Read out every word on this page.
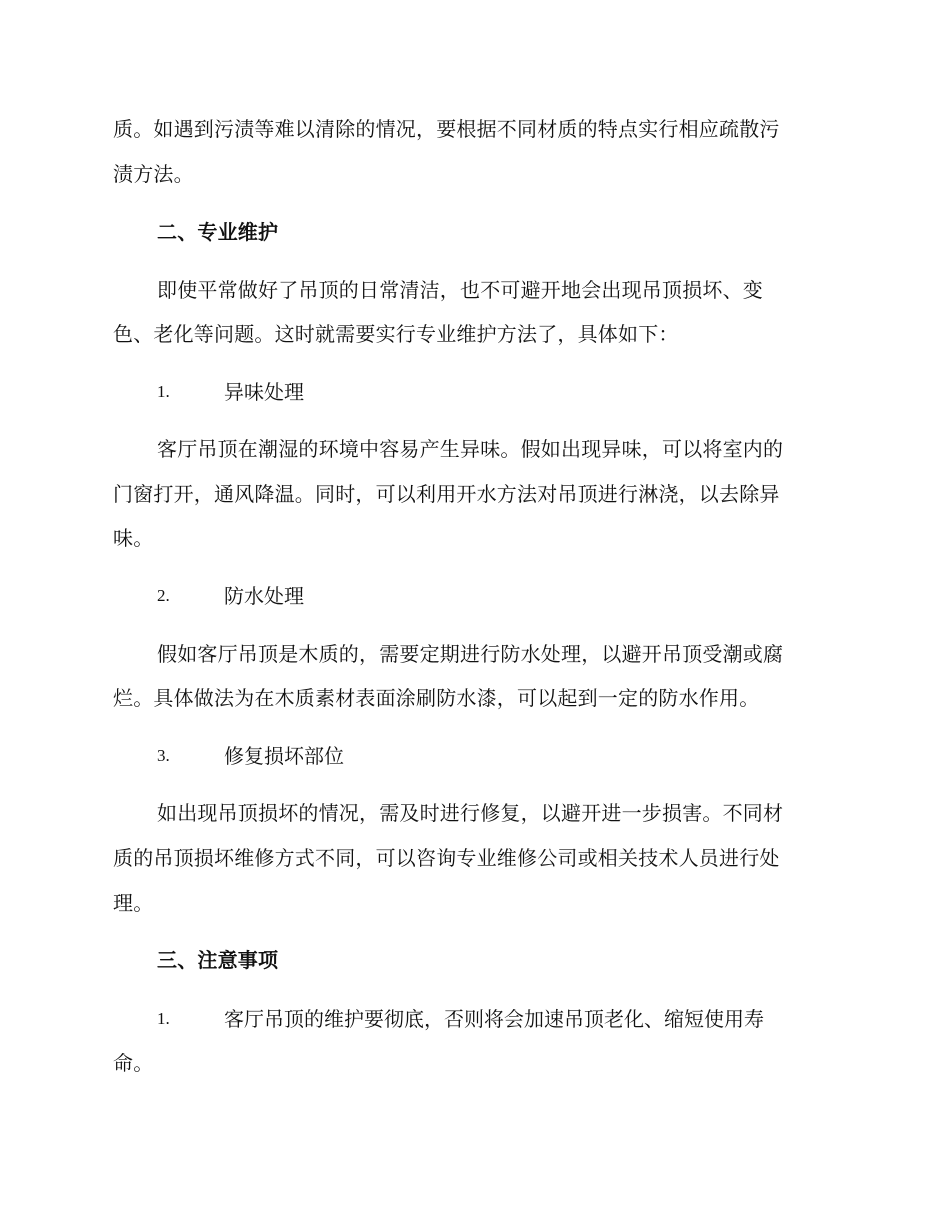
质。如遇到污渍等难以清除的情况，要根据不同材质的特点实行相应疏散污
渍方法。
二、专业维护
即使平常做好了吊顶的日常清洁，也不可避开地会出现吊顶损坏、变
色、老化等问题。这时就需要实行专业维护方法了，具体如下：
1.	异味处理
客厅吊顶在潮湿的环境中容易产生异味。假如出现异味，可以将室内的
门窗打开，通风降温。同时，可以利用开水方法对吊顶进行淋浇，以去除异
味。
2.	防水处理
假如客厅吊顶是木质的，需要定期进行防水处理，以避开吊顶受潮或腐
烂。具体做法为在木质素材表面涂刷防水漆，可以起到一定的防水作用。
3.	修复损坏部位
如出现吊顶损坏的情况，需及时进行修复，以避开进一步损害。不同材
质的吊顶损坏维修方式不同，可以咨询专业维修公司或相关技术人员进行处
理。
三、注意事项
1.	客厅吊顶的维护要彻底，否则将会加速吊顶老化、缩短使用寿
命。
